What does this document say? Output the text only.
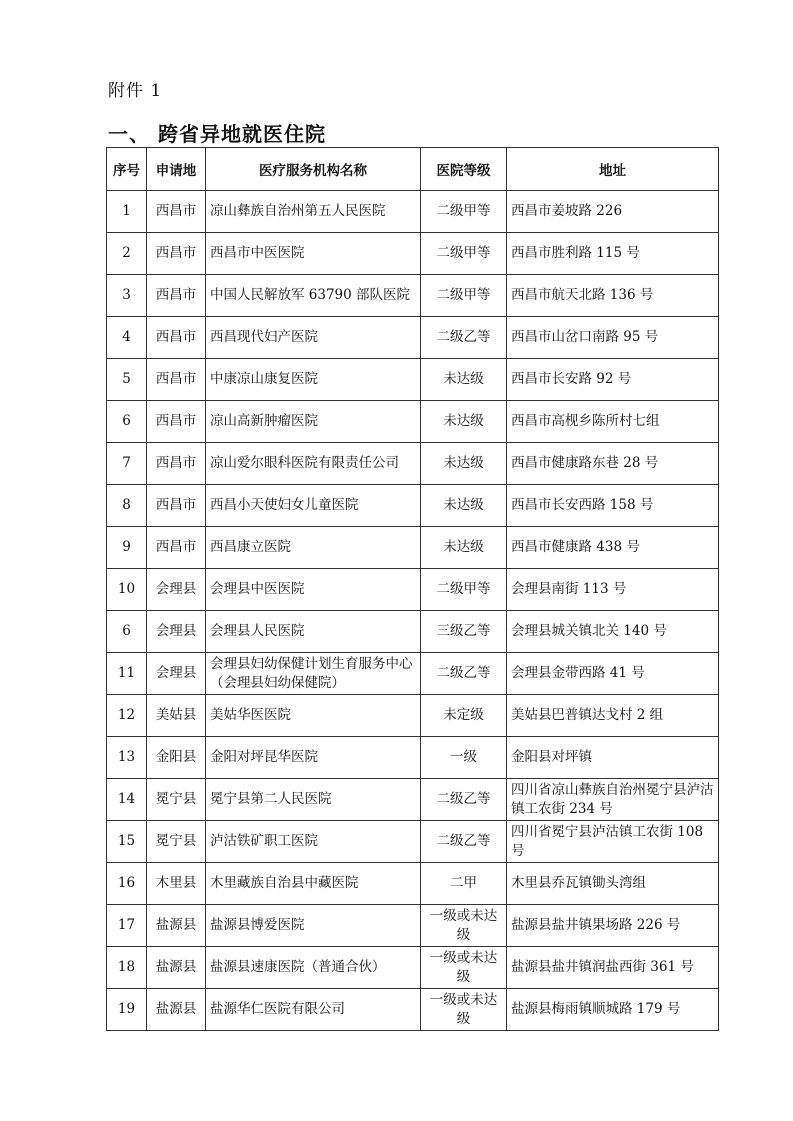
附件 1
一、 跨省异地就医住院
序号	申请地	医疗服务机构名称	医院等级	地址
1	西昌市	凉山彝族自治州第五人民医院	二级甲等	西昌市姜坡路 226
2	西昌市	西昌市中医医院	二级甲等	西昌市胜利路 115 号
3	西昌市	中国人民解放军 63790 部队医院	二级甲等	西昌市航天北路 136 号
4	西昌市	西昌现代妇产医院	二级乙等	西昌市山岔口南路 95 号
5	西昌市	中康凉山康复医院	未达级	西昌市长安路 92 号
6	西昌市	凉山高新肿瘤医院	未达级	西昌市高枧乡陈所村七组
7	西昌市	凉山爱尔眼科医院有限责任公司	未达级	西昌市健康路东巷 28 号
8	西昌市	西昌小天使妇女儿童医院	未达级	西昌市长安西路 158 号
9	西昌市	西昌康立医院	未达级	西昌市健康路 438 号
10	会理县	会理县中医医院	二级甲等	会理县南街 113 号
6	会理县	会理县人民医院	三级乙等	会理县城关镇北关 140 号
11	会理县	会理县妇幼保健计划生育服务中心（会理县妇幼保健院）	二级乙等	会理县金带西路 41 号
12	美姑县	美姑华医医院	未定级	美姑县巴普镇达戈村 2 组
13	金阳县	金阳对坪昆华医院	一级	金阳县对坪镇
14	冕宁县	冕宁县第二人民医院	二级乙等	四川省凉山彝族自治州冕宁县泸沽镇工农街 234 号
15	冕宁县	泸沽铁矿职工医院	二级乙等	四川省冕宁县泸沽镇工农街 108 号
16	木里县	木里藏族自治县中藏医院	二甲	木里县乔瓦镇锄头湾组
17	盐源县	盐源县博爱医院	一级或未达级	盐源县盐井镇果场路 226 号
18	盐源县	盐源县速康医院（普通合伙）	一级或未达级	盐源县盐井镇润盐西街 361 号
19	盐源县	盐源华仁医院有限公司	一级或未达级	盐源县梅雨镇顺城路 179 号
